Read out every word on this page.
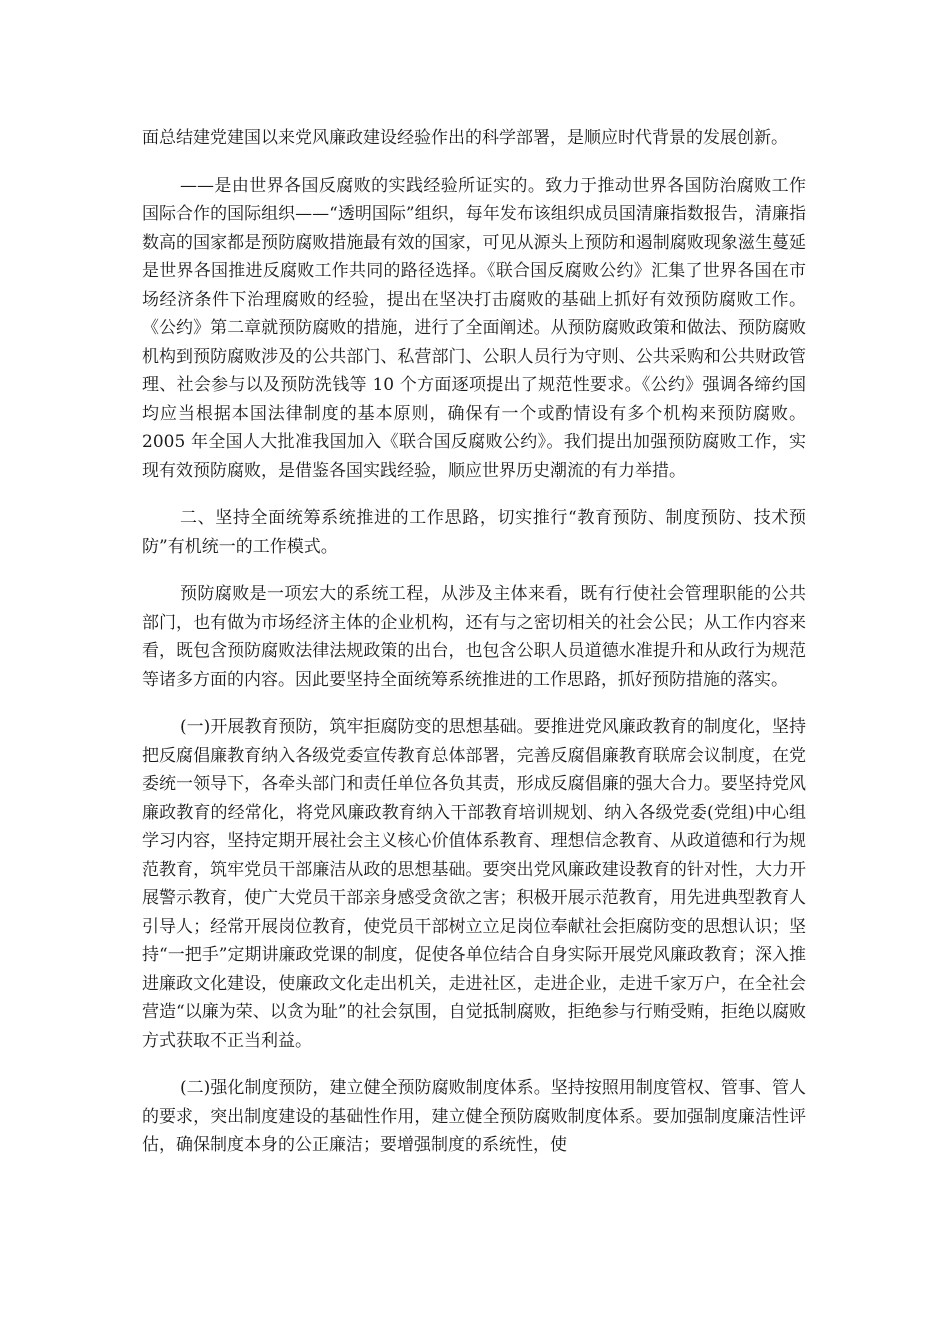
面总结建党建国以来党风廉政建设经验作出的科学部署，是顺应时代背景的发展创新。

——是由世界各国反腐败的实践经验所证实的。致力于推动世界各国防治腐败工作国际合作的国际组织——“透明国际”组织，每年发布该组织成员国清廉指数报告，清廉指数高的国家都是预防腐败措施最有效的国家，可见从源头上预防和遏制腐败现象滋生蔓延是世界各国推进反腐败工作共同的路径选择。《联合国反腐败公约》汇集了世界各国在市场经济条件下治理腐败的经验，提出在坚决打击腐败的基础上抓好有效预防腐败工作。《公约》第二章就预防腐败的措施，进行了全面阐述。从预防腐败政策和做法、预防腐败机构到预防腐败涉及的公共部门、私营部门、公职人员行为守则、公共采购和公共财政管理、社会参与以及预防洗钱等 10 个方面逐项提出了规范性要求。《公约》强调各缔约国均应当根据本国法律制度的基本原则，确保有一个或酌情设有多个机构来预防腐败。2005 年全国人大批准我国加入《联合国反腐败公约》。我们提出加强预防腐败工作，实现有效预防腐败，是借鉴各国实践经验，顺应世界历史潮流的有力举措。

二、坚持全面统筹系统推进的工作思路，切实推行“教育预防、制度预防、技术预防”有机统一的工作模式。

预防腐败是一项宏大的系统工程，从涉及主体来看，既有行使社会管理职能的公共部门，也有做为市场经济主体的企业机构，还有与之密切相关的社会公民；从工作内容来看，既包含预防腐败法律法规政策的出台，也包含公职人员道德水准提升和从政行为规范等诸多方面的内容。因此要坚持全面统筹系统推进的工作思路，抓好预防措施的落实。

(一)开展教育预防，筑牢拒腐防变的思想基础。要推进党风廉政教育的制度化，坚持把反腐倡廉教育纳入各级党委宣传教育总体部署，完善反腐倡廉教育联席会议制度，在党委统一领导下，各牵头部门和责任单位各负其责，形成反腐倡廉的强大合力。要坚持党风廉政教育的经常化，将党风廉政教育纳入干部教育培训规划、纳入各级党委(党组)中心组学习内容，坚持定期开展社会主义核心价值体系教育、理想信念教育、从政道德和行为规范教育，筑牢党员干部廉洁从政的思想基础。要突出党风廉政建设教育的针对性，大力开展警示教育，使广大党员干部亲身感受贪欲之害；积极开展示范教育，用先进典型教育人引导人；经常开展岗位教育，使党员干部树立立足岗位奉献社会拒腐防变的思想认识；坚持“一把手”定期讲廉政党课的制度，促使各单位结合自身实际开展党风廉政教育；深入推进廉政文化建设，使廉政文化走出机关，走进社区，走进企业，走进千家万户，在全社会营造“以廉为荣、以贪为耻”的社会氛围，自觉抵制腐败，拒绝参与行贿受贿，拒绝以腐败方式获取不正当利益。

(二)强化制度预防，建立健全预防腐败制度体系。坚持按照用制度管权、管事、管人的要求，突出制度建设的基础性作用，建立健全预防腐败制度体系。要加强制度廉洁性评估，确保制度本身的公正廉洁；要增强制度的系统性，使
